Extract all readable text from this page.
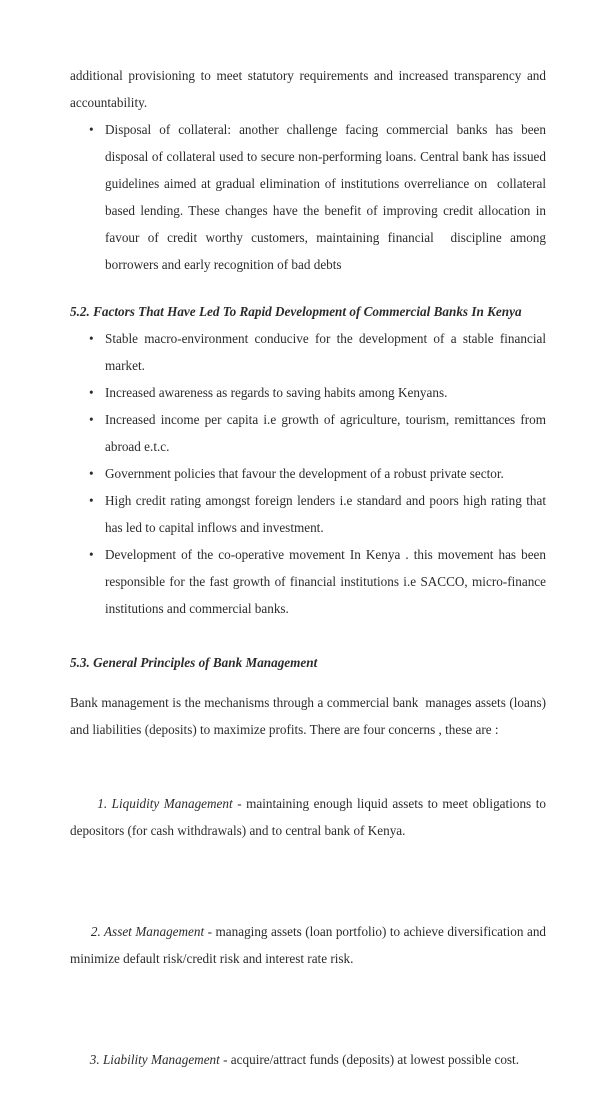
additional provisioning to meet statutory requirements and increased transparency and accountability.
• Disposal of collateral: another challenge facing commercial banks has been disposal of collateral used to secure non-performing loans. Central bank has issued guidelines aimed at gradual elimination of institutions overreliance on  collateral based lending. These changes have the benefit of improving credit allocation in favour of credit worthy customers, maintaining financial  discipline among borrowers and early recognition of bad debts
5.2. Factors That Have Led To Rapid Development of Commercial Banks In Kenya
• Stable macro-environment conducive for the development of a stable financial market.
• Increased awareness as regards to saving habits among Kenyans.
• Increased income per capita i.e growth of agriculture, tourism, remittances from abroad e.t.c.
• Government policies that favour the development of a robust private sector.
• High credit rating amongst foreign lenders i.e standard and poors high rating that has led to capital inflows and investment.
• Development of the co-operative movement In Kenya . this movement has been responsible for the fast growth of financial institutions i.e SACCO, micro-finance institutions and commercial banks.
5.3. General Principles of Bank Management
Bank management is the mechanisms through a commercial bank  manages assets (loans) and liabilities (deposits) to maximize profits. There are four concerns , these are :

1. Liquidity Management - maintaining enough liquid assets to meet obligations to depositors (for cash withdrawals) and to central bank of Kenya.

2. Asset Management - managing assets (loan portfolio) to achieve diversification and minimize default risk/credit risk and interest rate risk.

3. Liability Management - acquire/attract funds (deposits) at lowest possible cost.
